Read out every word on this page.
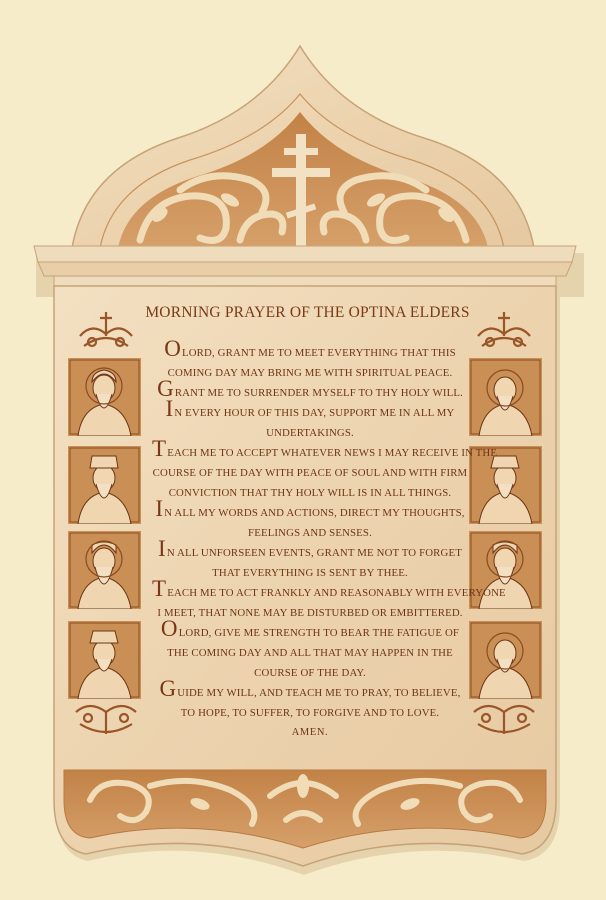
MORNING PRAYER OF THE OPTINA ELDERS

OLORD, GRANT ME TO MEET EVERYTHING THAT THIS
COMING DAY MAY BRING ME WITH SPIRITUAL PEACE.

GRANT ME TO SURRENDER MYSELF TO THY HOLY WILL.

IN EVERY HOUR OF THIS DAY, SUPPORT ME IN ALL MY
UNDERTAKINGS.

TEACH ME TO ACCEPT WHATEVER NEWS I MAY RECEIVE IN THE
COURSE OF THE DAY WITH PEACE OF SOUL AND WITH FIRM
CONVICTION THAT THY HOLY WILL IS IN ALL THINGS.

IN ALL MY WORDS AND ACTIONS, DIRECT MY THOUGHTS,
FEELINGS AND SENSES.

IN ALL UNFORSEEN EVENTS, GRANT ME NOT TO FORGET
THAT EVERYTHING IS SENT BY THEE.

TEACH ME TO ACT FRANKLY AND REASONABLY WITH EVERYONE
I MEET, THAT NONE MAY BE DISTURBED OR EMBITTERED.

OLORD, GIVE ME STRENGTH TO BEAR THE FATIGUE OF
THE COMING DAY AND ALL THAT MAY HAPPEN IN THE
COURSE OF THE DAY.

GUIDE MY WILL, AND TEACH ME TO PRAY, TO BELIEVE,
TO HOPE, TO SUFFER, TO FORGIVE AND TO LOVE.
AMEN.
